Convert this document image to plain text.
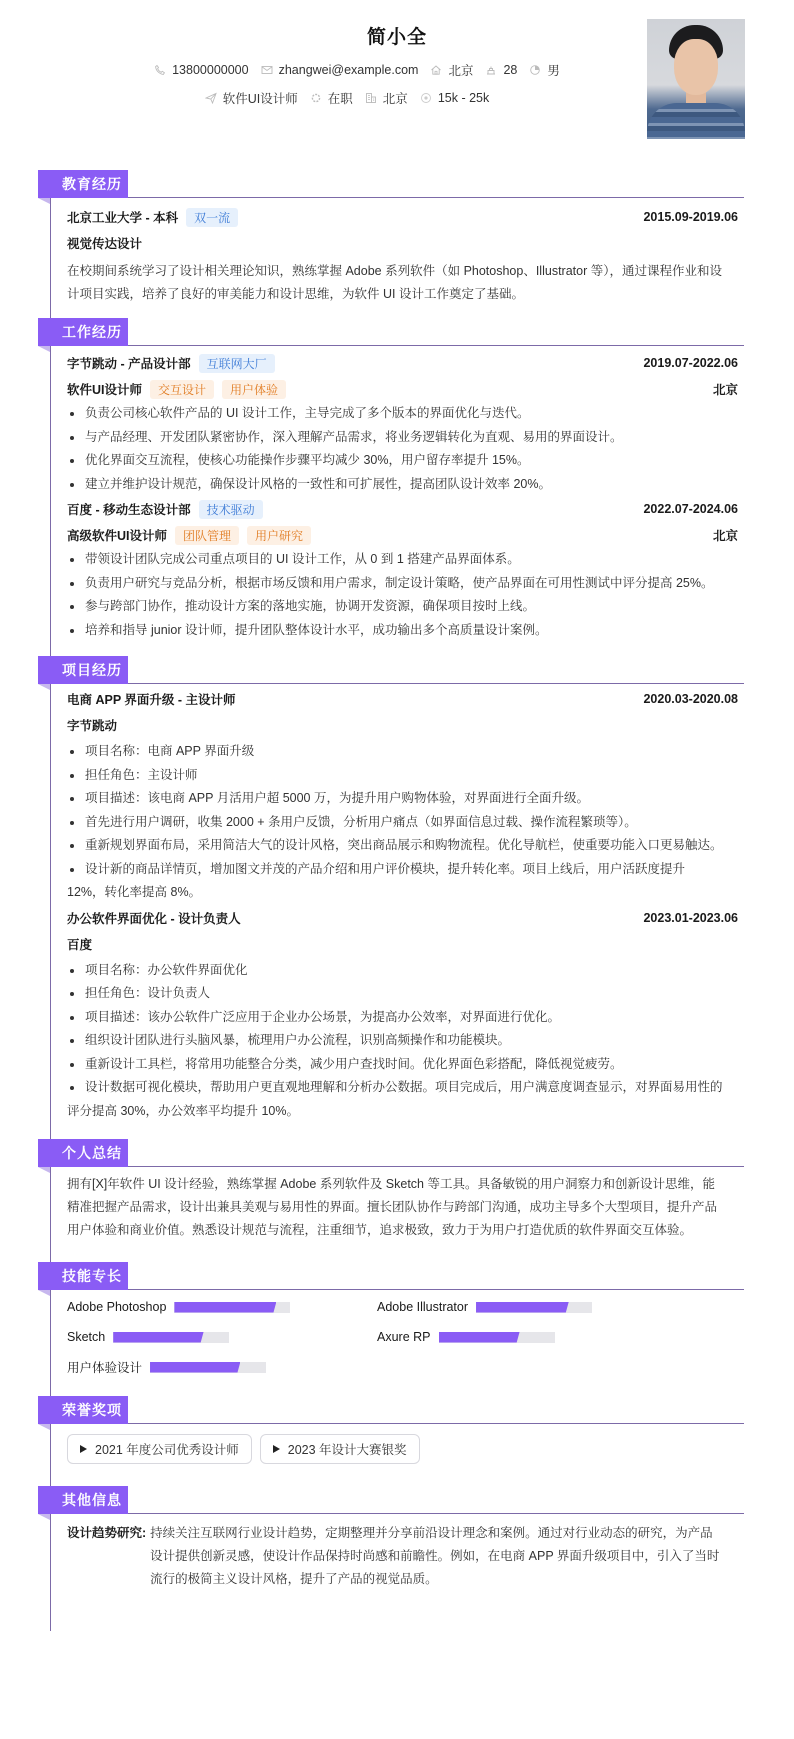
简小全
13800000000 zhangwei@example.com 北京 28 男
软件UI设计师 在职 北京 15k - 25k
教育经历
北京工业大学 - 本科	双一流	2015.09-2019.06
视觉传达设计
在校期间系统学习了设计相关理论知识，熟练掌握 Adobe 系列软件（如 Photoshop、Illustrator 等），通过课程作业和设计项目实践，培养了良好的审美能力和设计思维，为软件 UI 设计工作奠定了基础。
工作经历
字节跳动 - 产品设计部	互联网大厂	2019.07-2022.06
软件UI设计师	交互设计	用户体验	北京
负责公司核心软件产品的 UI 设计工作，主导完成了多个版本的界面优化与迭代。
与产品经理、开发团队紧密协作，深入理解产品需求，将业务逻辑转化为直观、易用的界面设计。
优化界面交互流程，使核心功能操作步骤平均减少 30%，用户留存率提升 15%。
建立并维护设计规范，确保设计风格的一致性和可扩展性，提高团队设计效率 20%。
百度 - 移动生态设计部	技术驱动	2022.07-2024.06
高级软件UI设计师	团队管理	用户研究	北京
带领设计团队完成公司重点项目的 UI 设计工作，从 0 到 1 搭建产品界面体系。
负责用户研究与竞品分析，根据市场反馈和用户需求，制定设计策略，使产品界面在可用性测试中评分提高 25%。
参与跨部门协作，推动设计方案的落地实施，协调开发资源，确保项目按时上线。
培养和指导 junior 设计师，提升团队整体设计水平，成功输出多个高质量设计案例。
项目经历
电商 APP 界面升级 - 主设计师	2020.03-2020.08
字节跳动
项目名称：电商 APP 界面升级
担任角色：主设计师
项目描述：该电商 APP 月活用户超 5000 万，为提升用户购物体验，对界面进行全面升级。
首先进行用户调研，收集 2000 + 条用户反馈，分析用户痛点（如界面信息过载、操作流程繁琐等）。
重新规划界面布局，采用简洁大气的设计风格，突出商品展示和购物流程。优化导航栏，使重要功能入口更易触达。
设计新的商品详情页，增加图文并茂的产品介绍和用户评价模块，提升转化率。项目上线后，用户活跃度提升 12%，转化率提高 8%。
办公软件界面优化 - 设计负责人	2023.01-2023.06
百度
项目名称：办公软件界面优化
担任角色：设计负责人
项目描述：该办公软件广泛应用于企业办公场景，为提高办公效率，对界面进行优化。
组织设计团队进行头脑风暴，梳理用户办公流程，识别高频操作和功能模块。
重新设计工具栏，将常用功能整合分类，减少用户查找时间。优化界面色彩搭配，降低视觉疲劳。
设计数据可视化模块，帮助用户更直观地理解和分析办公数据。项目完成后，用户满意度调查显示，对界面易用性的评分提高 30%，办公效率平均提升 10%。
个人总结
拥有[X]年软件 UI 设计经验，熟练掌握 Adobe 系列软件及 Sketch 等工具。具备敏锐的用户洞察力和创新设计思维，能精准把握产品需求，设计出兼具美观与易用性的界面。擅长团队协作与跨部门沟通，成功主导多个大型项目，提升产品用户体验和商业价值。熟悉设计规范与流程，注重细节，追求极致，致力于为用户打造优质的软件界面交互体验。
技能专长
Adobe Photoshop	Adobe Illustrator
Sketch	Axure RP
用户体验设计
荣誉奖项
2021 年度公司优秀设计师	2023 年设计大赛银奖
其他信息
设计趋势研究: 持续关注互联网行业设计趋势，定期整理并分享前沿设计理念和案例。通过对行业动态的研究，为产品设计提供创新灵感，使设计作品保持时尚感和前瞻性。例如，在电商 APP 界面升级项目中，引入了当时流行的极简主义设计风格，提升了产品的视觉品质。
